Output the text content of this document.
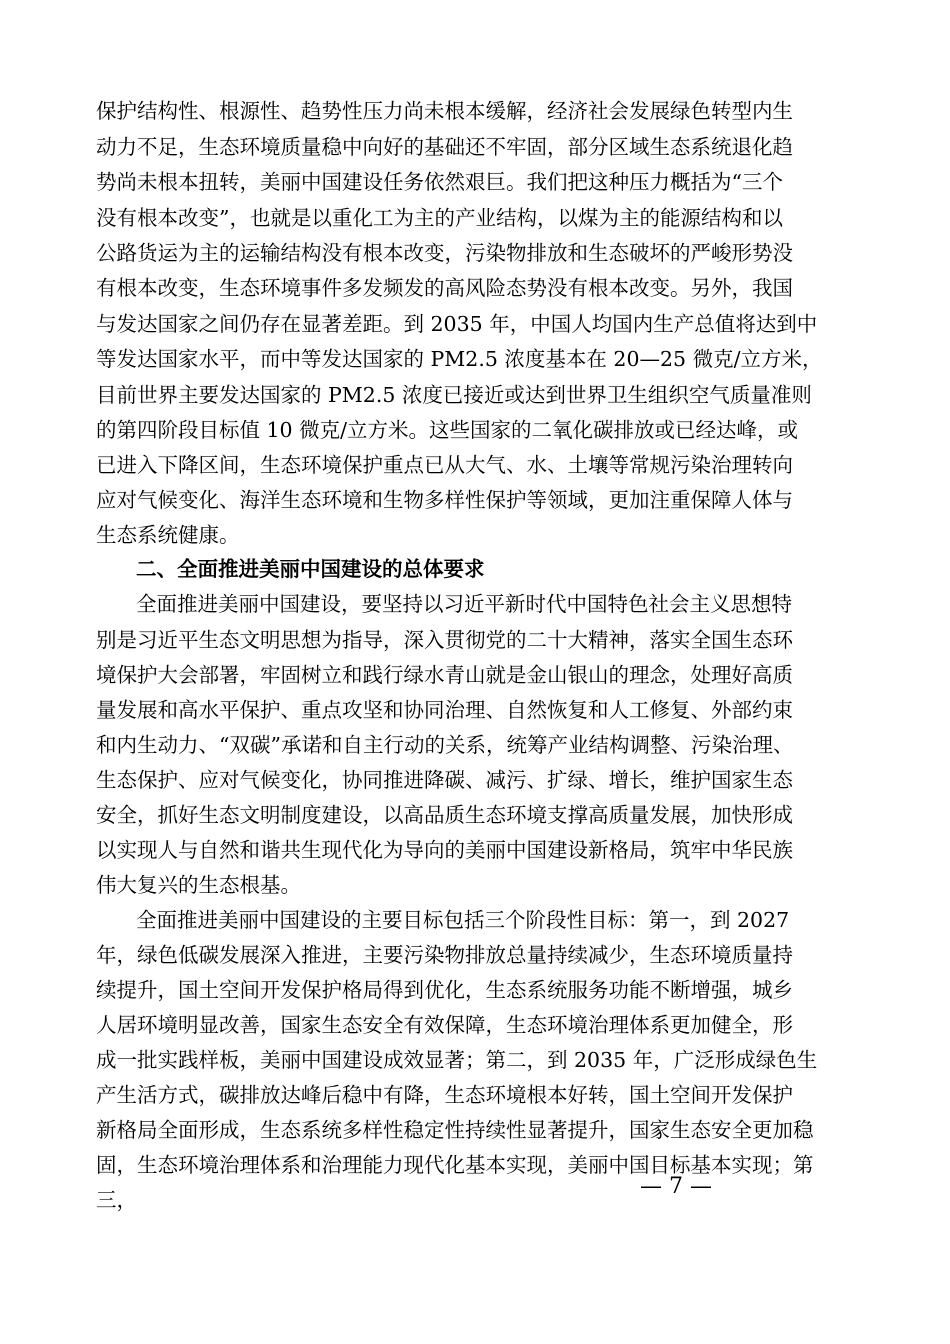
保护结构性、根源性、趋势性压力尚未根本缓解，经济社会发展绿色转型内生
动力不足，生态环境质量稳中向好的基础还不牢固，部分区域生态系统退化趋
势尚未根本扭转，美丽中国建设任务依然艰巨。我们把这种压力概括为“三个
没有根本改变”，也就是以重化工为主的产业结构，以煤为主的能源结构和以
公路货运为主的运输结构没有根本改变，污染物排放和生态破坏的严峻形势没
有根本改变，生态环境事件多发频发的高风险态势没有根本改变。另外，我国
与发达国家之间仍存在显著差距。到 2035 年，中国人均国内生产总值将达到中
等发达国家水平，而中等发达国家的 PM2.5 浓度基本在 20—25 微克/立方米，
目前世界主要发达国家的 PM2.5 浓度已接近或达到世界卫生组织空气质量准则
的第四阶段目标值 10 微克/立方米。这些国家的二氧化碳排放或已经达峰，或
已进入下降区间，生态环境保护重点已从大气、水、土壤等常规污染治理转向
应对气候变化、海洋生态环境和生物多样性保护等领域，更加注重保障人体与
生态系统健康。
二、全面推进美丽中国建设的总体要求
全面推进美丽中国建设，要坚持以习近平新时代中国特色社会主义思想特
别是习近平生态文明思想为指导，深入贯彻党的二十大精神，落实全国生态环
境保护大会部署，牢固树立和践行绿水青山就是金山银山的理念，处理好高质
量发展和高水平保护、重点攻坚和协同治理、自然恢复和人工修复、外部约束
和内生动力、“双碳”承诺和自主行动的关系，统筹产业结构调整、污染治理、
生态保护、应对气候变化，协同推进降碳、减污、扩绿、增长，维护国家生态
安全，抓好生态文明制度建设，以高品质生态环境支撑高质量发展，加快形成
以实现人与自然和谐共生现代化为导向的美丽中国建设新格局，筑牢中华民族
伟大复兴的生态根基。
全面推进美丽中国建设的主要目标包括三个阶段性目标：第一，到 2027
年，绿色低碳发展深入推进，主要污染物排放总量持续减少，生态环境质量持
续提升，国土空间开发保护格局得到优化，生态系统服务功能不断增强，城乡
人居环境明显改善，国家生态安全有效保障，生态环境治理体系更加健全，形
成一批实践样板，美丽中国建设成效显著；第二，到 2035 年，广泛形成绿色生
产生活方式，碳排放达峰后稳中有降，生态环境根本好转，国土空间开发保护
新格局全面形成，生态系统多样性稳定性持续性显著提升，国家生态安全更加稳
固，生态环境治理体系和治理能力现代化基本实现，美丽中国目标基本实现；第
三，
— 7 —
